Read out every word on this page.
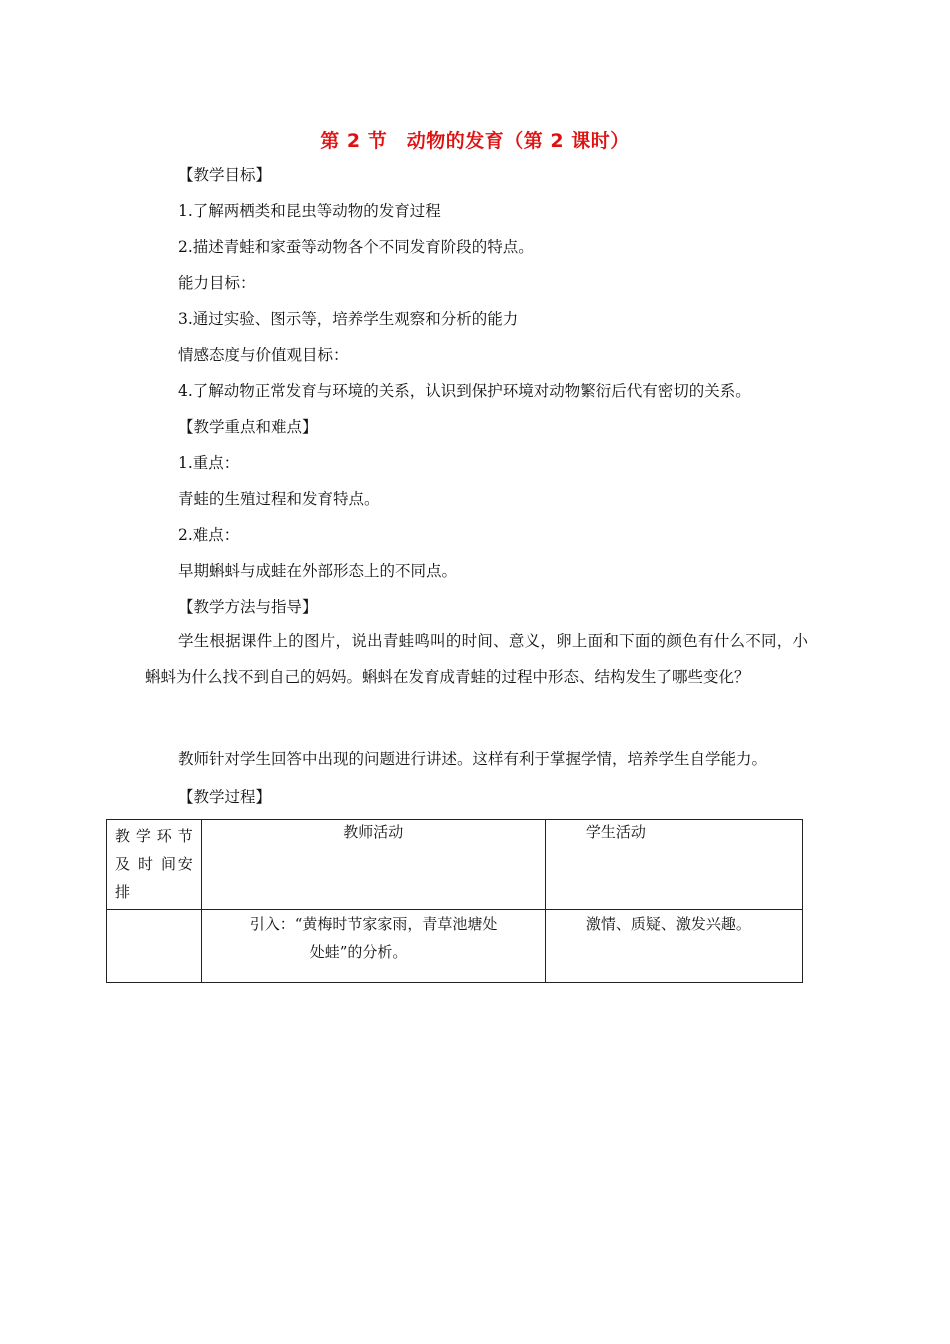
第 2 节　动物的发育（第 2 课时）
【教学目标】
1.了解两栖类和昆虫等动物的发育过程
2.描述青蛙和家蚕等动物各个不同发育阶段的特点。
能力目标：
3.通过实验、图示等，培养学生观察和分析的能力
情感态度与价值观目标：
4.了解动物正常发育与环境的关系，认识到保护环境对动物繁衍后代有密切的关系。
【教学重点和难点】
1.重点：
青蛙的生殖过程和发育特点。
2.难点：
早期蝌蚪与成蛙在外部形态上的不同点。
【教学方法与指导】
学生根据课件上的图片，说出青蛙鸣叫的时间、意义，卵上面和下面的颜色有什么不同，小蝌蚪为什么找不到自己的妈妈。蝌蚪在发育成青蛙的过程中形态、结构发生了哪些变化？
教师针对学生回答中出现的问题进行讲述。这样有利于掌握学情，培养学生自学能力。
【教学过程】
教 学 环 节 及 时 间安排	教师活动	学生活动

	引入：“黄梅时节家家雨，青草池塘处
处蛙”的分析。	激情、质疑、激发兴趣。
